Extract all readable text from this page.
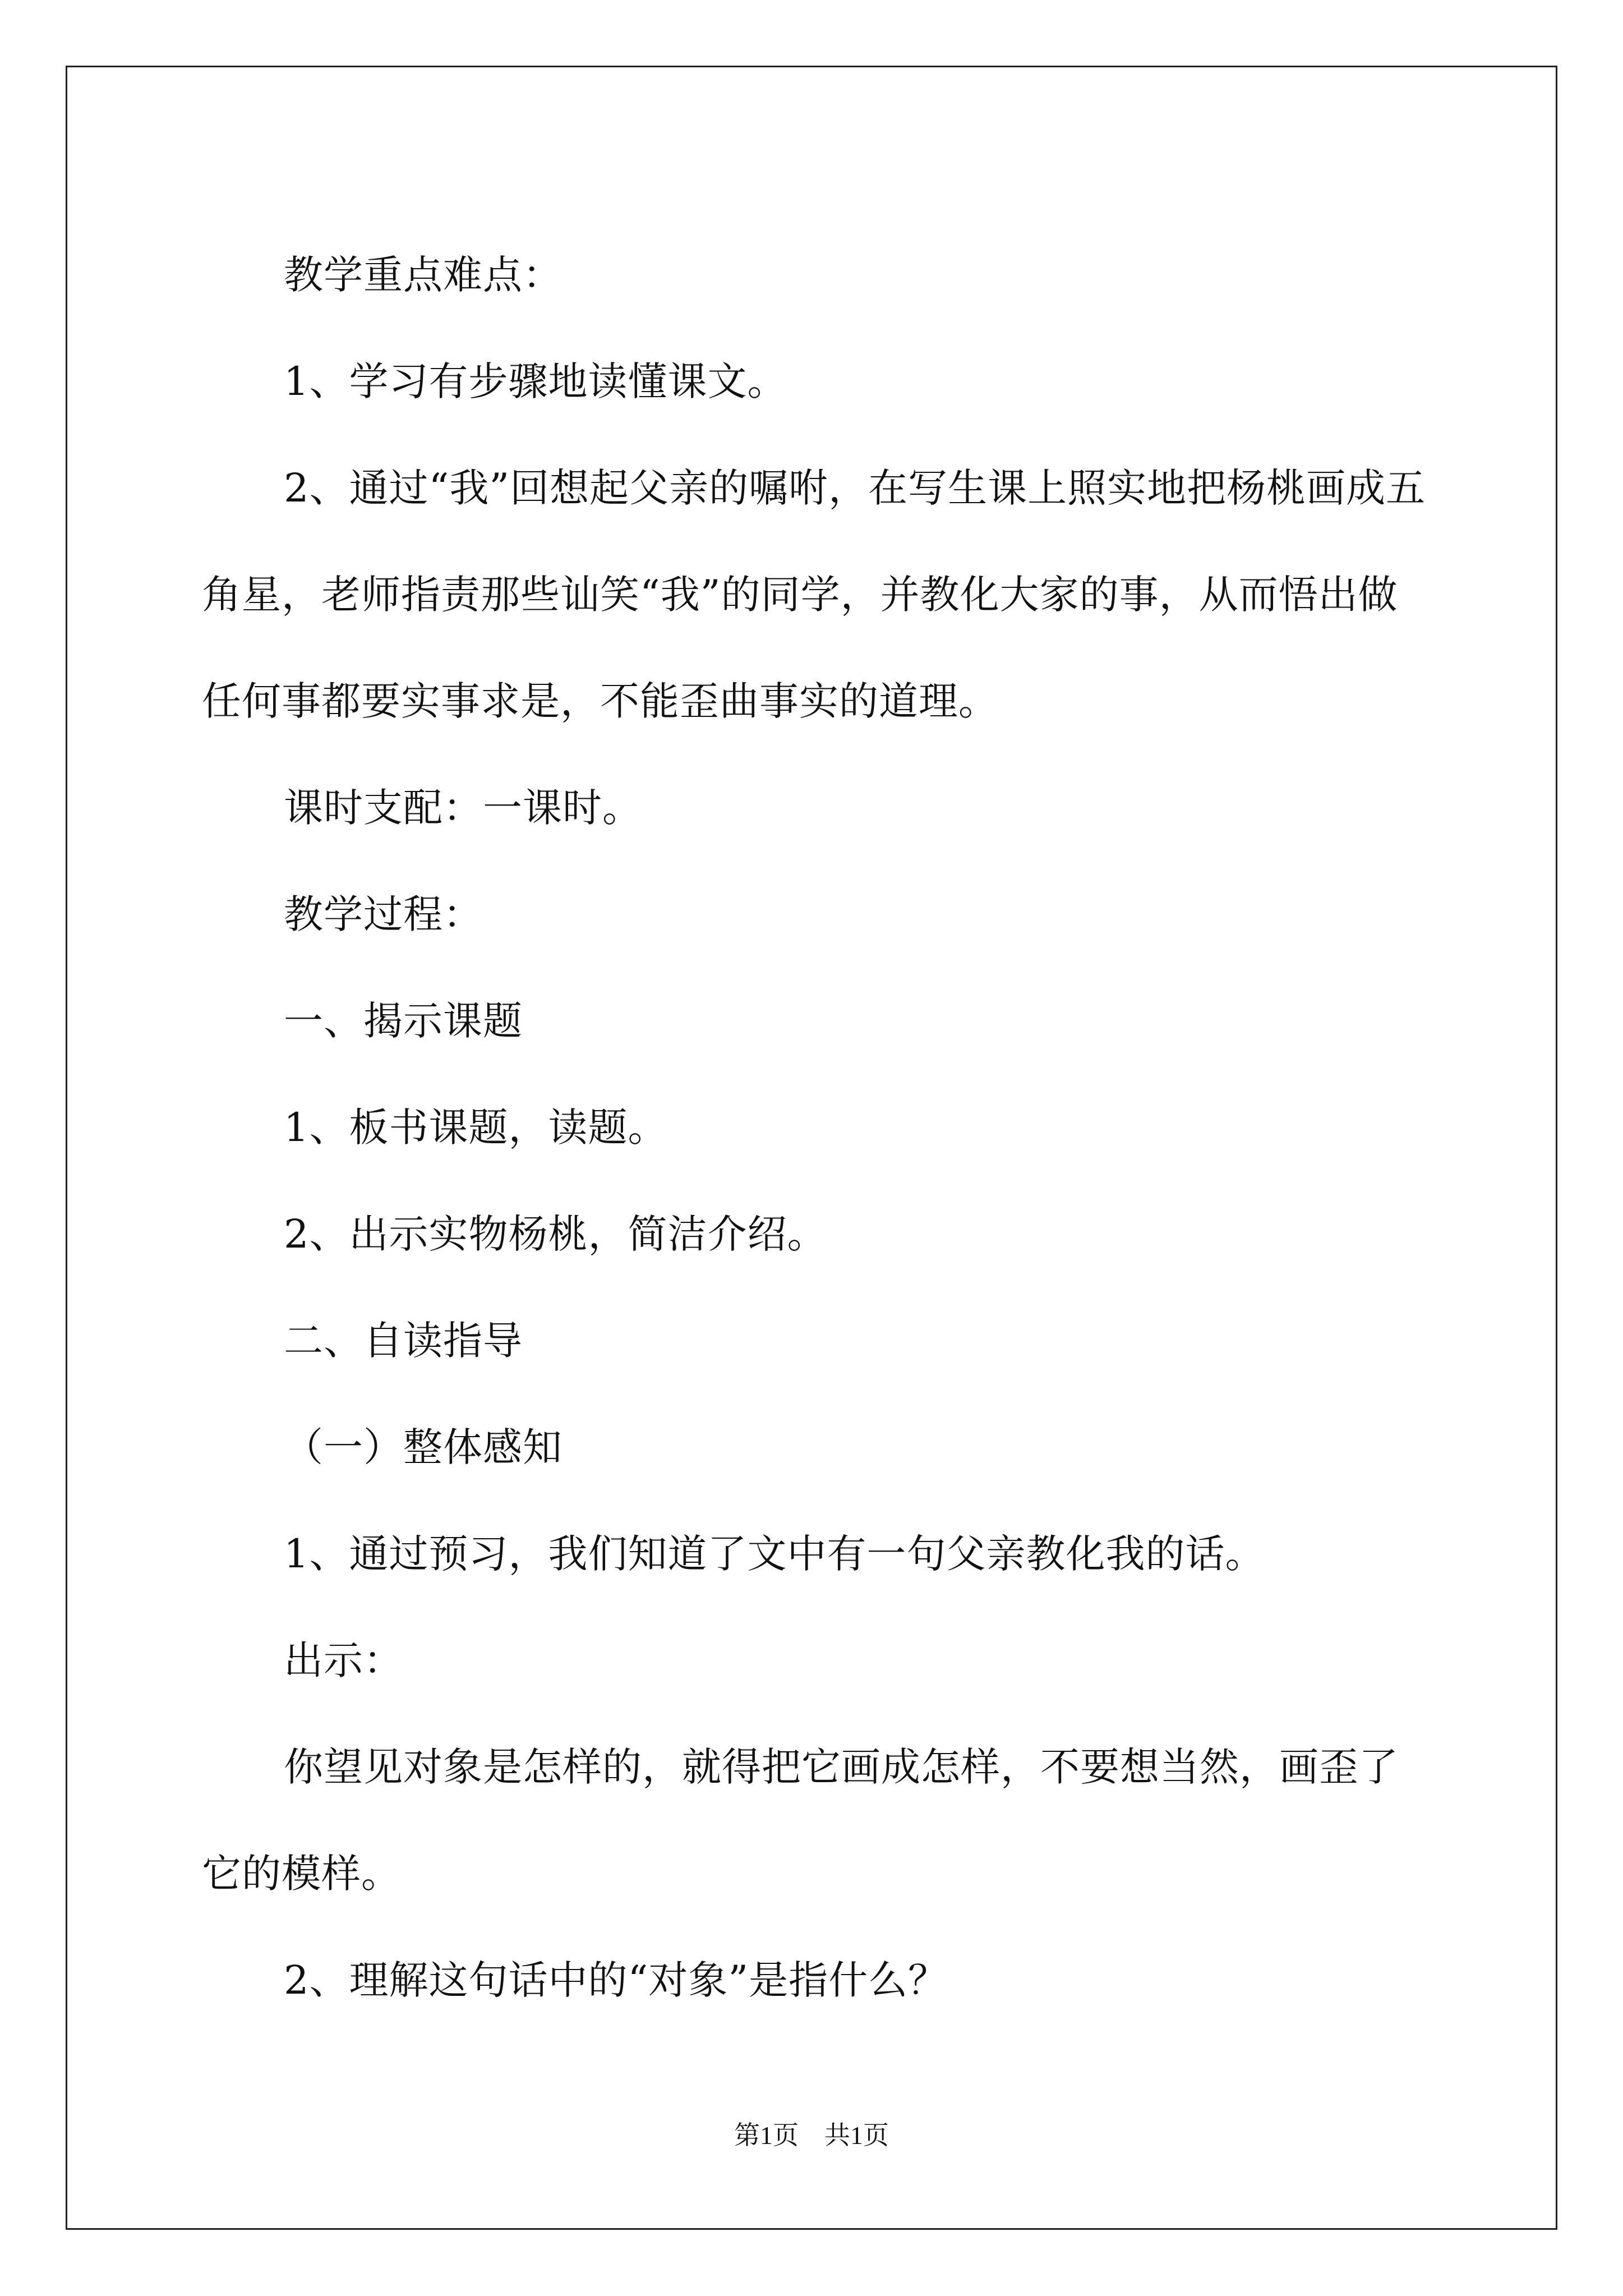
教学重点难点：

1、学习有步骤地读懂课文。

2、通过“我”回想起父亲的嘱咐，在写生课上照实地把杨桃画成五角星，老师指责那些讪笑“我”的同学，并教化大家的事，从而悟出做任何事都要实事求是，不能歪曲事实的道理。

课时支配：一课时。

教学过程：

一、揭示课题

1、板书课题，读题。

2、出示实物杨桃，简洁介绍。

二、自读指导

（一）整体感知

1、通过预习，我们知道了文中有一句父亲教化我的话。

出示：

你望见对象是怎样的，就得把它画成怎样，不要想当然，画歪了它的模样。

2、理解这句话中的“对象”是指什么？

第1页 共1页
